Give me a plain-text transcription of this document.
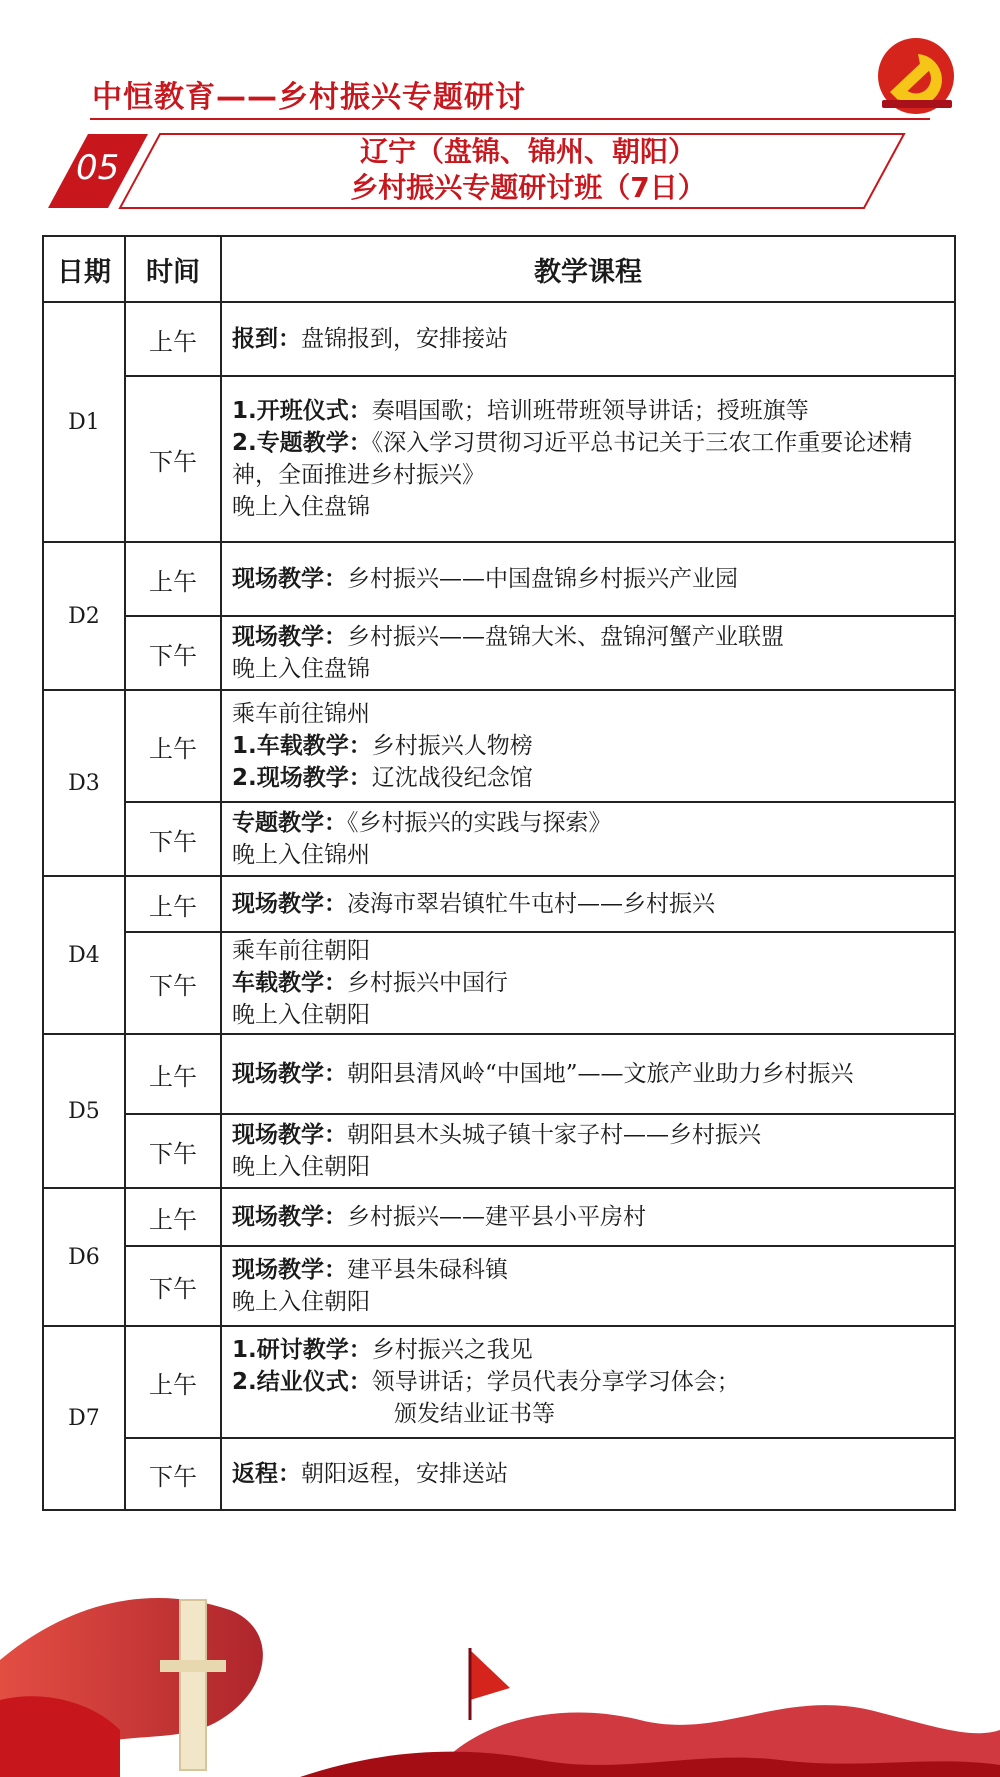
中恒教育——乡村振兴专题研讨
05	辽宁（盘锦、锦州、朝阳）
乡村振兴专题研讨班（7日）
日期	时间	教学课程
D1	上午	报到：盘锦报到，安排接站
	下午	1.开班仪式：奏唱国歌；培训班带班领导讲话；授班旗等
2.专题教学：《深入学习贯彻习近平总书记关于三农工作重要论述精神，全面推进乡村振兴》
晚上入住盘锦
D2	上午	现场教学：乡村振兴——中国盘锦乡村振兴产业园
	下午	现场教学：乡村振兴——盘锦大米、盘锦河蟹产业联盟
晚上入住盘锦
D3	上午	乘车前往锦州
1.车载教学：乡村振兴人物榜
2.现场教学：辽沈战役纪念馆
	下午	专题教学：《乡村振兴的实践与探索》
晚上入住锦州
D4	上午	现场教学：凌海市翠岩镇牤牛屯村——乡村振兴
	下午	乘车前往朝阳
车载教学：乡村振兴中国行
晚上入住朝阳
D5	上午	现场教学：朝阳县清风岭“中国地”——文旅产业助力乡村振兴
	下午	现场教学：朝阳县木头城子镇十家子村——乡村振兴
晚上入住朝阳
D6	上午	现场教学：乡村振兴——建平县小平房村
	下午	现场教学：建平县朱碌科镇
晚上入住朝阳
D7	上午	1.研讨教学：乡村振兴之我见
2.结业仪式：领导讲话；学员代表分享学习体会；
颁发结业证书等

	下午	返程：朝阳返程，安排送站
